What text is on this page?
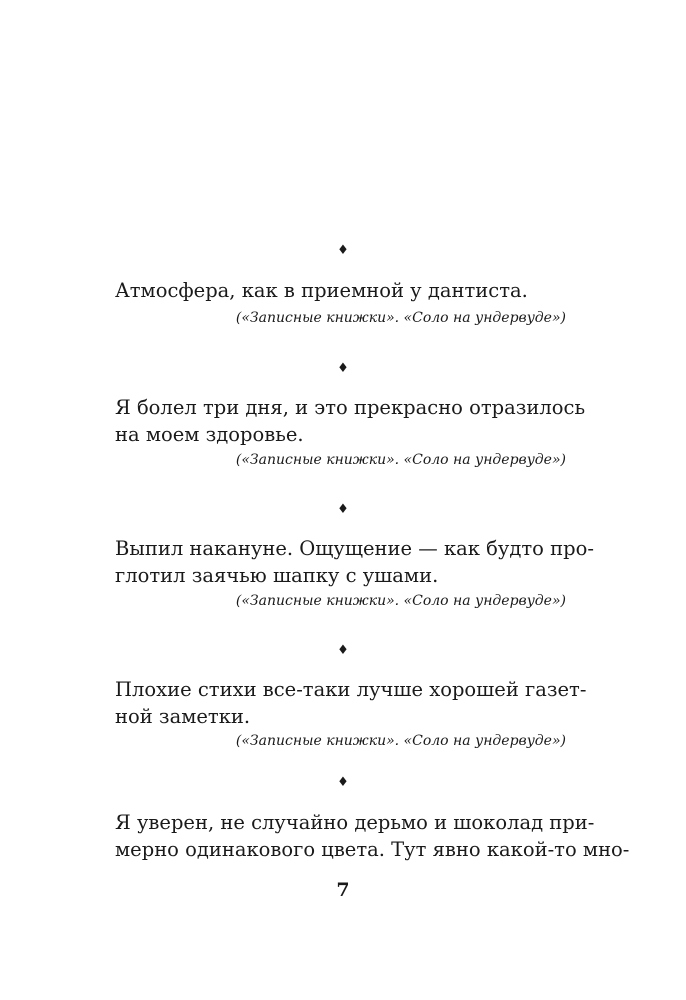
♦
Атмосфера, как в приемной у дантиста.
(«Записные книжки». «Соло на ундервуде»)
♦
Я болел три дня, и это прекрасно отразилось
на моем здоровье.
(«Записные книжки». «Соло на ундервуде»)
♦
Выпил накануне. Ощущение — как будто про-
глотил заячью шапку с ушами.
(«Записные книжки». «Соло на ундервуде»)
♦
Плохие стихи все-таки лучше хорошей газет-
ной заметки.
(«Записные книжки». «Соло на ундервуде»)
♦
Я уверен, не случайно дерьмо и шоколад при-
мерно одинакового цвета. Тут явно какой-то мно-
7
